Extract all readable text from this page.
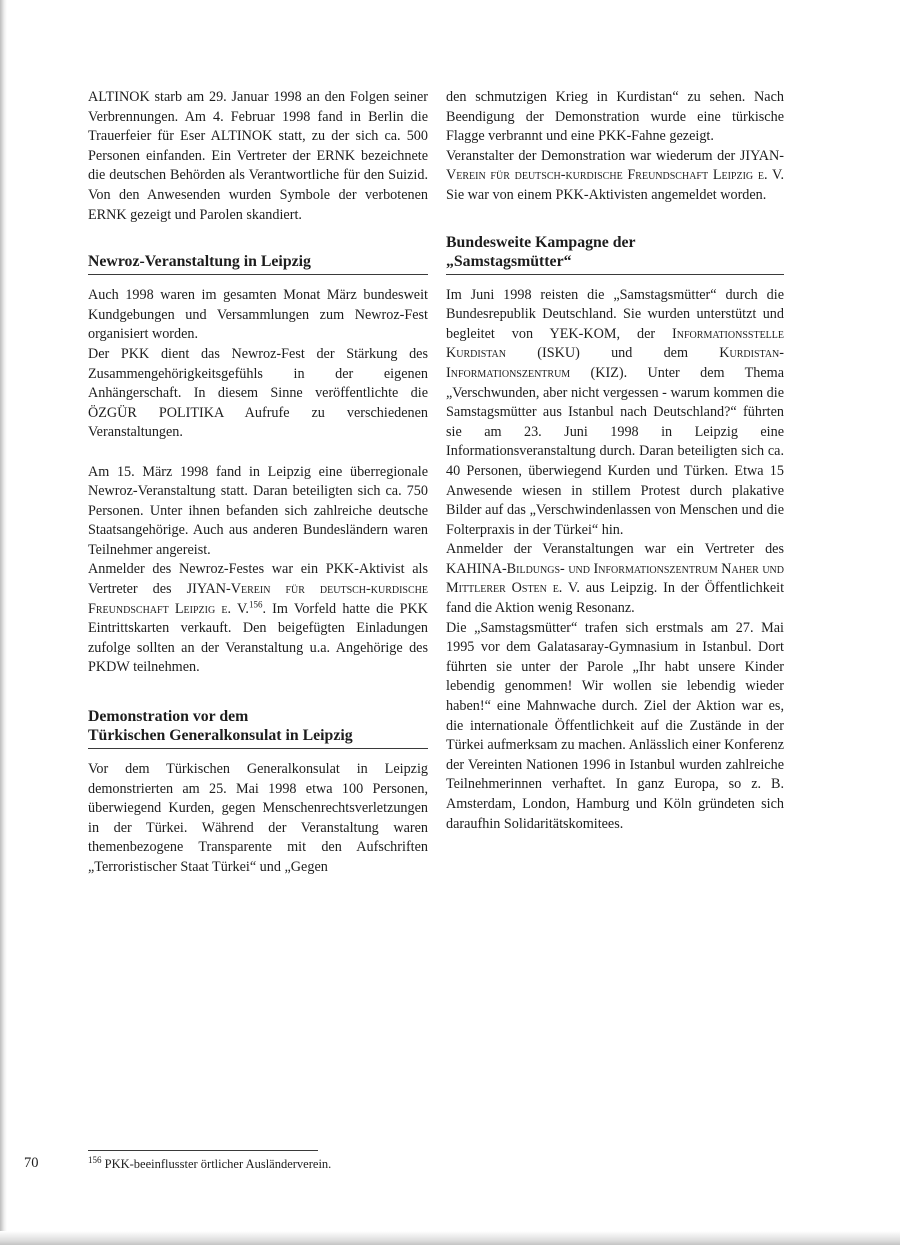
ALTINOK starb am 29. Januar 1998 an den Folgen seiner Verbrennungen. Am 4. Februar 1998 fand in Berlin die Trauerfeier für Eser ALTINOK statt, zu der sich ca. 500 Personen einfanden. Ein Vertreter der ERNK bezeichnete die deutschen Behörden als Verantwortliche für den Suizid. Von den Anwesenden wurden Symbole der verbotenen ERNK gezeigt und Parolen skandiert.

Newroz-Veranstaltung in Leipzig

Auch 1998 waren im gesamten Monat März bundesweit Kundgebungen und Versammlungen zum Newroz-Fest organisiert worden.

Der PKK dient das Newroz-Fest der Stärkung des Zusammengehörigkeitsgefühls in der eigenen Anhängerschaft. In diesem Sinne veröffentlichte die ÖZGÜR POLITIKA Aufrufe zu verschiedenen Veranstaltungen.

Am 15. März 1998 fand in Leipzig eine überregionale Newroz-Veranstaltung statt. Daran beteiligten sich ca. 750 Personen. Unter ihnen befanden sich zahlreiche deutsche Staatsangehörige. Auch aus anderen Bundesländern waren Teilnehmer angereist.

Anmelder des Newroz-Festes war ein PKK-Aktivist als Vertreter des JIYAN-Verein für deutsch-kurdische Freundschaft Leipzig e. V.$^{156}$. Im Vorfeld hatte die PKK Eintrittskarten verkauft. Den beigefügten Einladungen zufolge sollten an der Veranstaltung u.a. Angehörige des PKDW teilnehmen.

Demonstration vor dem
Türkischen Generalkonsulat in Leipzig

Vor dem Türkischen Generalkonsulat in Leipzig demonstrierten am 25. Mai 1998 etwa 100 Personen, überwiegend Kurden, gegen Menschenrechtsverletzungen in der Türkei. Während der Veranstaltung waren themenbezogene Transparente mit den Aufschriften „Terroristischer Staat Türkei“ und „Gegen

den schmutzigen Krieg in Kurdistan“ zu sehen. Nach Beendigung der Demonstration wurde eine türkische Flagge verbrannt und eine PKK-Fahne gezeigt.

Veranstalter der Demonstration war wiederum der JIYAN-Verein für deutsch-kurdische Freundschaft Leipzig e. V. Sie war von einem PKK-Aktivisten angemeldet worden.

Bundesweite Kampagne der
„Samstagsmütter“

Im Juni 1998 reisten die „Samstagsmütter“ durch die Bundesrepublik Deutschland. Sie wurden unterstützt und begleitet von YEK-KOM, der Informationsstelle Kurdistan (ISKU) und dem Kurdistan-Informationszentrum (KIZ). Unter dem Thema „Verschwunden, aber nicht vergessen - warum kommen die Samstagsmütter aus Istanbul nach Deutschland?“ führten sie am 23. Juni 1998 in Leipzig eine Informationsveranstaltung durch. Daran beteiligten sich ca. 40 Personen, überwiegend Kurden und Türken. Etwa 15 Anwesende wiesen in stillem Protest durch plakative Bilder auf das „Verschwindenlassen von Menschen und die Folterpraxis in der Türkei“ hin.

Anmelder der Veranstaltungen war ein Vertreter des KAHINA-Bildungs- und Informationszentrum Naher und Mittlerer Osten e. V. aus Leipzig. In der Öffentlichkeit fand die Aktion wenig Resonanz.

Die „Samstagsmütter“ trafen sich erstmals am 27. Mai 1995 vor dem Galatasaray-Gymnasium in Istanbul. Dort führten sie unter der Parole „Ihr habt unsere Kinder lebendig genommen! Wir wollen sie lebendig wieder haben!“ eine Mahnwache durch. Ziel der Aktion war es, die internationale Öffentlichkeit auf die Zustände in der Türkei aufmerksam zu machen. Anlässlich einer Konferenz der Vereinten Nationen 1996 in Istanbul wurden zahlreiche Teilnehmerinnen verhaftet. In ganz Europa, so z. B. Amsterdam, London, Hamburg und Köln gründeten sich daraufhin Solidaritätskomitees.

70	$^{156}$ PKK-beeinflusster örtlicher Ausländerverein.
